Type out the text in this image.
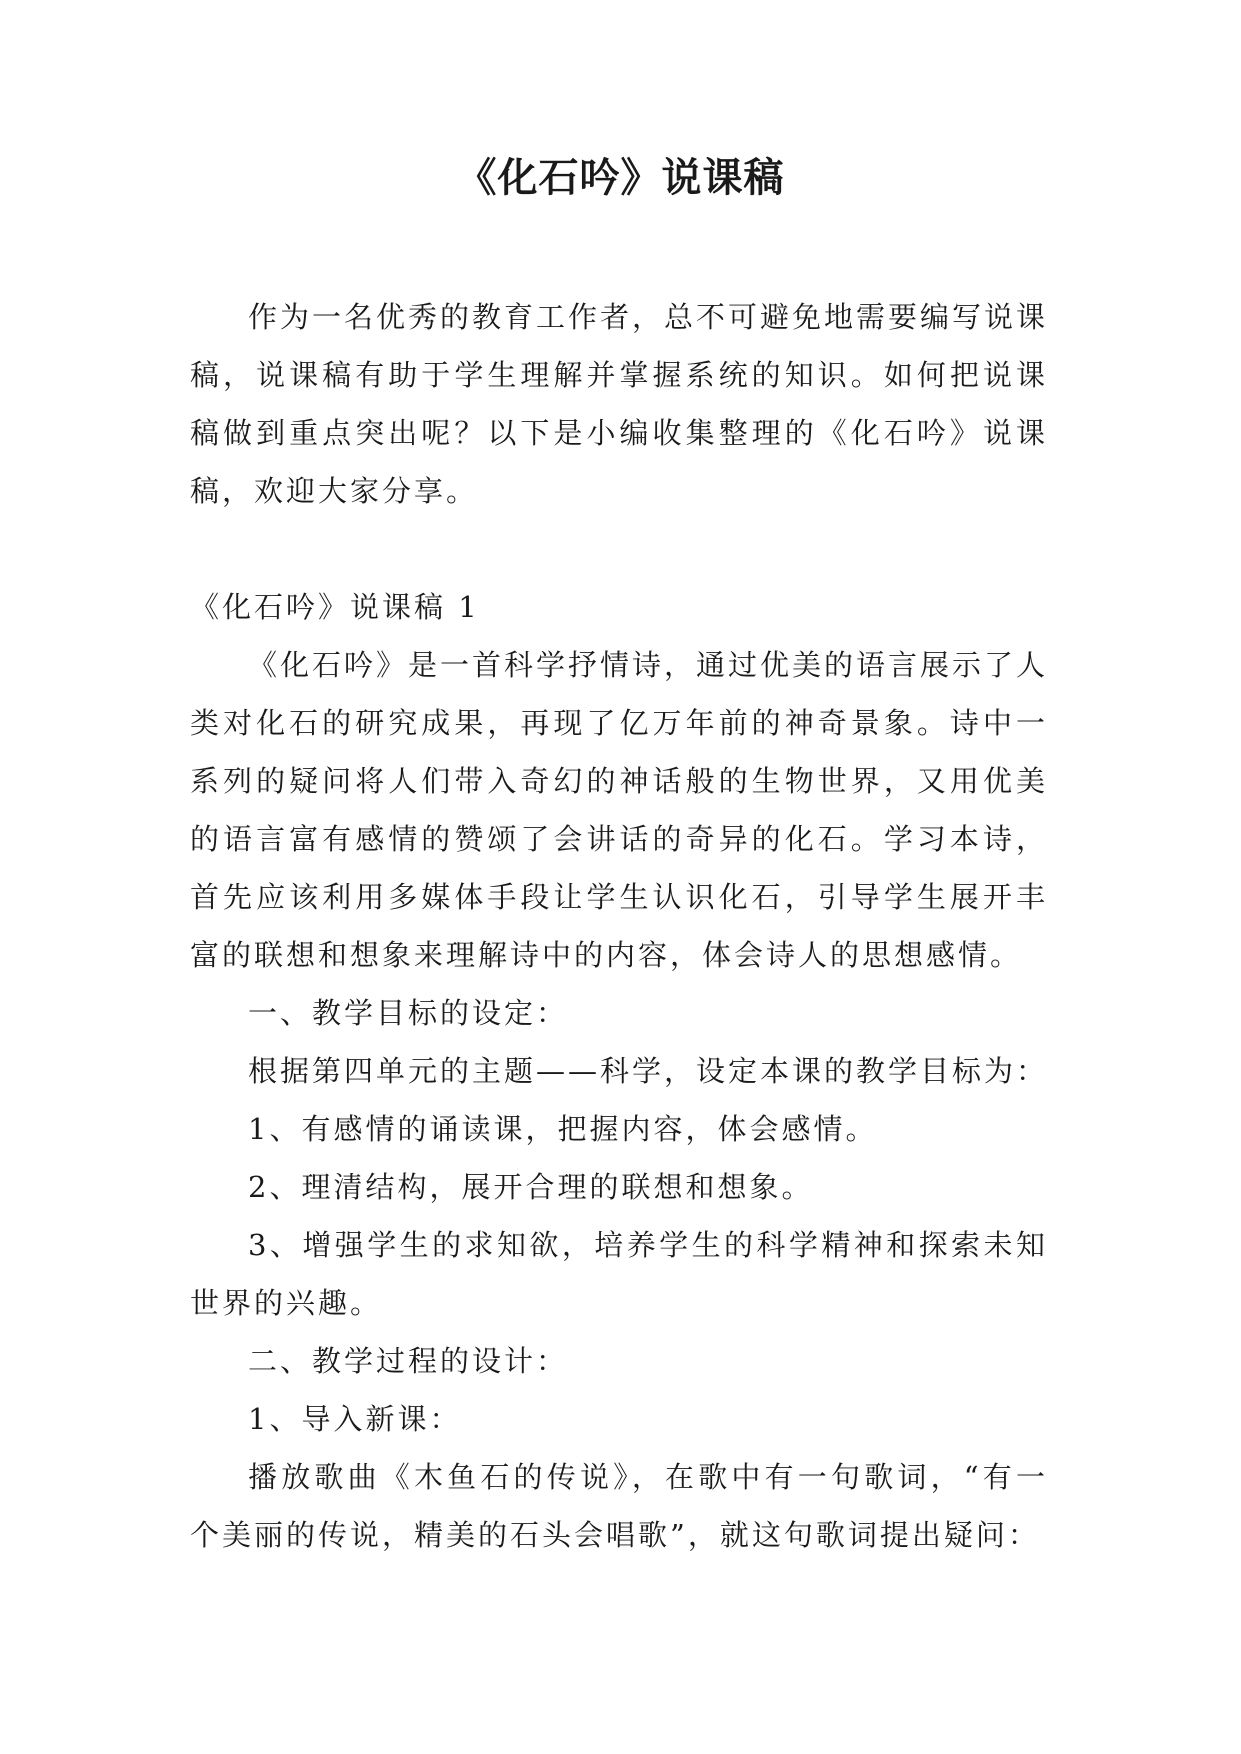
《化石吟》说课稿

作为一名优秀的教育工作者，总不可避免地需要编写说课稿，说课稿有助于学生理解并掌握系统的知识。如何把说课稿做到重点突出呢？以下是小编收集整理的《化石吟》说课稿，欢迎大家分享。

《化石吟》说课稿 1

《化石吟》是一首科学抒情诗，通过优美的语言展示了人类对化石的研究成果，再现了亿万年前的神奇景象。诗中一系列的疑问将人们带入奇幻的神话般的生物世界，又用优美的语言富有感情的赞颂了会讲话的奇异的化石。学习本诗，首先应该利用多媒体手段让学生认识化石，引导学生展开丰富的联想和想象来理解诗中的内容，体会诗人的思想感情。

一、教学目标的设定：

根据第四单元的主题——科学，设定本课的教学目标为：

1、有感情的诵读课，把握内容，体会感情。

2、理清结构，展开合理的联想和想象。

3、增强学生的求知欲，培养学生的科学精神和探索未知世界的兴趣。

二、教学过程的设计：

1、导入新课：

播放歌曲《木鱼石的传说》，在歌中有一句歌词，“有一个美丽的传说，精美的石头会唱歌”，就这句歌词提出疑问：
